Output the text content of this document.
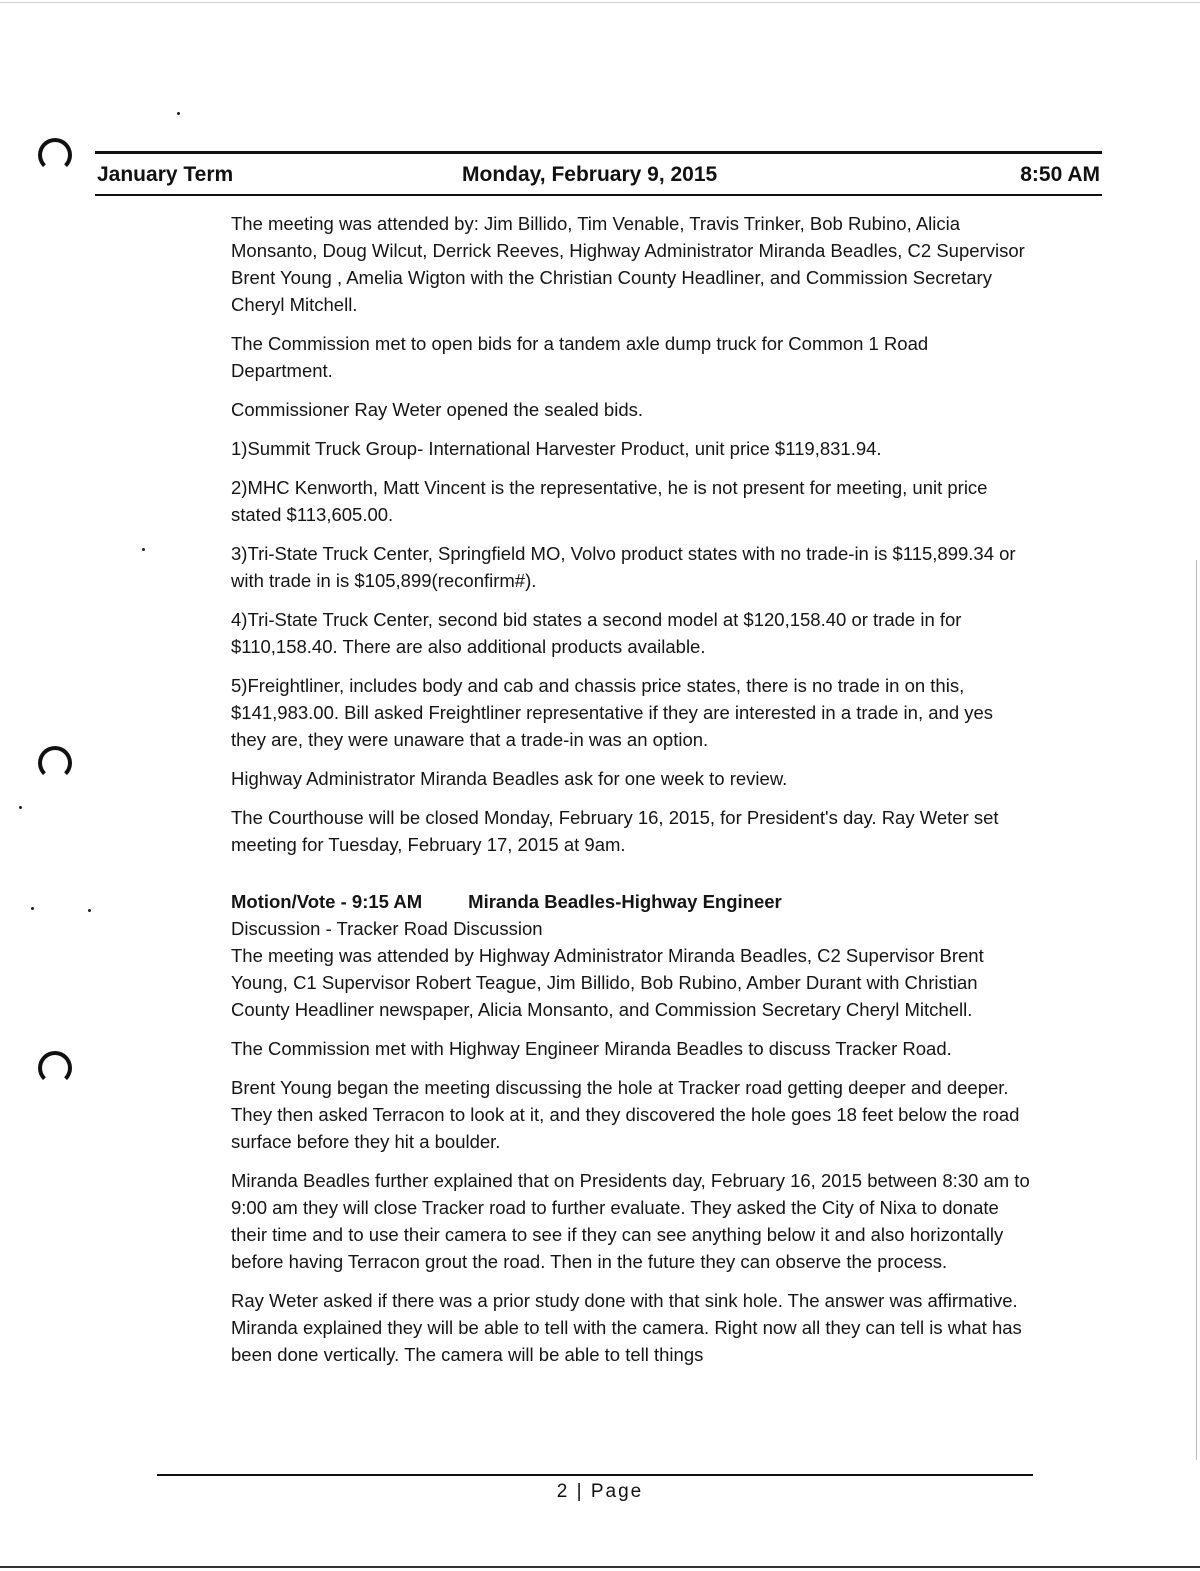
January Term	Monday, February 9, 2015	8:50 AM

The meeting was attended by: Jim Billido, Tim Venable, Travis Trinker, Bob Rubino, Alicia Monsanto, Doug Wilcut, Derrick Reeves, Highway Administrator Miranda Beadles, C2 Supervisor Brent Young , Amelia Wigton with the Christian County Headliner, and Commission Secretary Cheryl Mitchell.

The Commission met to open bids for a tandem axle dump truck for Common 1 Road Department.

Commissioner Ray Weter opened the sealed bids.

1)Summit Truck Group- International Harvester Product, unit price $119,831.94.

2)MHC Kenworth, Matt Vincent is the representative, he is not present for meeting, unit price stated $113,605.00.

3)Tri-State Truck Center, Springfield MO, Volvo product states with no trade-in is $115,899.34 or with trade in is $105,899(reconfirm#).

4)Tri-State Truck Center, second bid states a second model at $120,158.40 or trade in for $110,158.40. There are also additional products available.

5)Freightliner, includes body and cab and chassis price states, there is no trade in on this, $141,983.00. Bill asked Freightliner representative if they are interested in a trade in, and yes they are, they were unaware that a trade-in was an option.

Highway Administrator Miranda Beadles ask for one week to review.

The Courthouse will be closed Monday, February 16, 2015, for President's day. Ray Weter set meeting for Tuesday, February 17, 2015 at 9am.

Motion/Vote - 9:15 AM Miranda Beadles-Highway Engineer

Discussion - Tracker Road Discussion

The meeting was attended by Highway Administrator Miranda Beadles, C2 Supervisor Brent Young, C1 Supervisor Robert Teague, Jim Billido, Bob Rubino, Amber Durant with Christian County Headliner newspaper, Alicia Monsanto, and Commission Secretary Cheryl Mitchell.

The Commission met with Highway Engineer Miranda Beadles to discuss Tracker Road.

Brent Young began the meeting discussing the hole at Tracker road getting deeper and deeper. They then asked Terracon to look at it, and they discovered the hole goes 18 feet below the road surface before they hit a boulder.

Miranda Beadles further explained that on Presidents day, February 16, 2015 between 8:30 am to 9:00 am they will close Tracker road to further evaluate. They asked the City of Nixa to donate their time and to use their camera to see if they can see anything below it and also horizontally before having Terracon grout the road. Then in the future they can observe the process.

Ray Weter asked if there was a prior study done with that sink hole. The answer was affirmative. Miranda explained they will be able to tell with the camera. Right now all they can tell is what has been done vertically. The camera will be able to tell things

2 | Page
